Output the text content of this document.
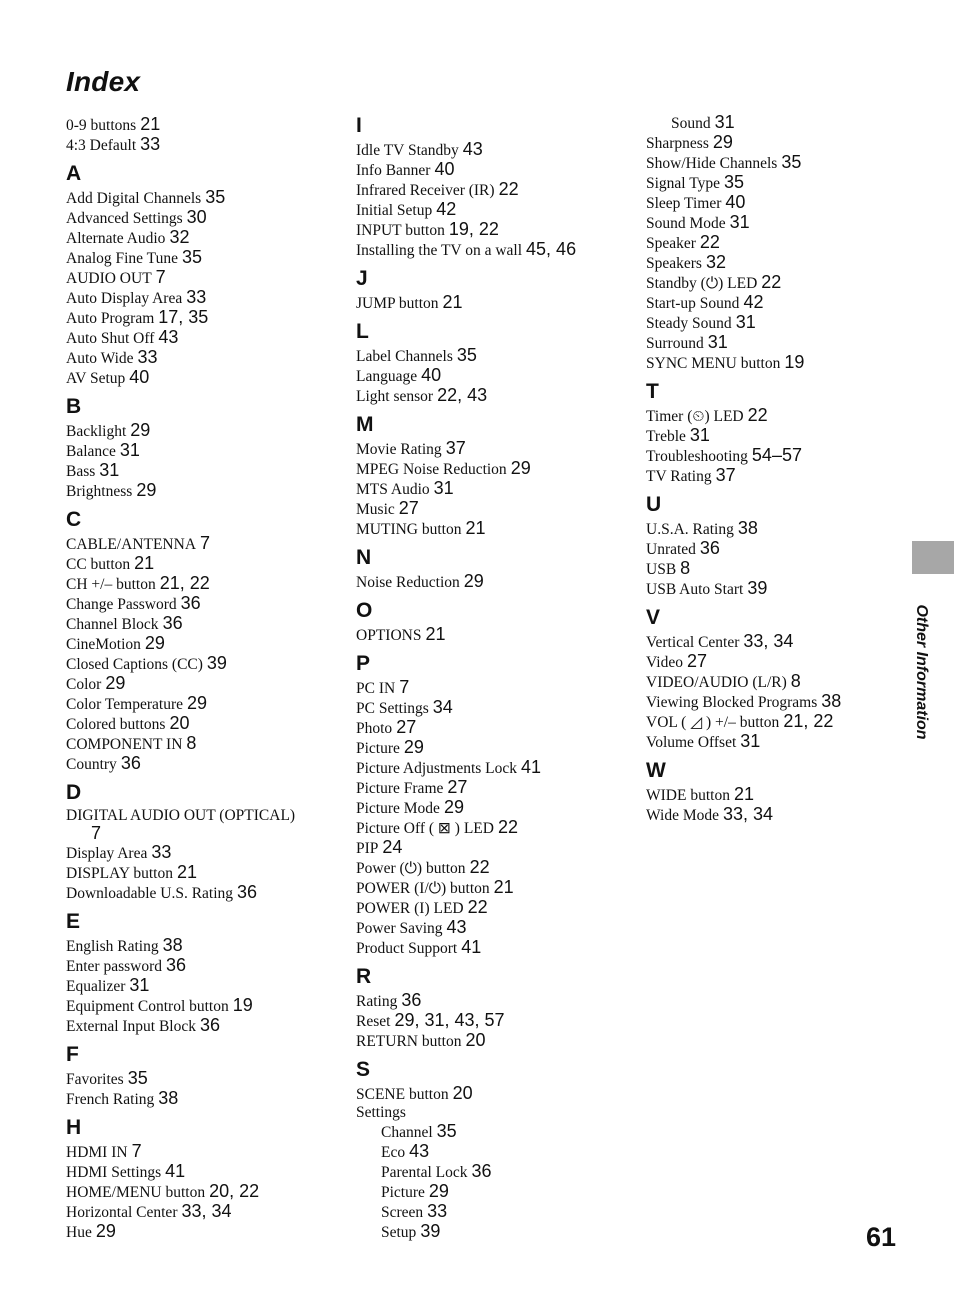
Index
0-9 buttons 21
4:3 Default 33
A
Add Digital Channels 35
Advanced Settings 30
Alternate Audio 32
Analog Fine Tune 35
AUDIO OUT 7
Auto Display Area 33
Auto Program 17, 35
Auto Shut Off 43
Auto Wide 33
AV Setup 40
B
Backlight 29
Balance 31
Bass 31
Brightness 29
C
CABLE/ANTENNA 7
CC button 21
CH +/– button 21, 22
Change Password 36
Channel Block 36
CineMotion 29
Closed Captions (CC) 39
Color 29
Color Temperature 29
Colored buttons 20
COMPONENT IN 8
Country 36
D
DIGITAL AUDIO OUT (OPTICAL)
7
Display Area 33
DISPLAY button 21
Downloadable U.S. Rating 36
E
English Rating 38
Enter password 36
Equalizer 31
Equipment Control button 19
External Input Block 36
F
Favorites 35
French Rating 38
H
HDMI IN 7
HDMI Settings 41
HOME/MENU button 20, 22
Horizontal Center 33, 34
Hue 29
I
Idle TV Standby 43
Info Banner 40
Infrared Receiver (IR) 22
Initial Setup 42
INPUT button 19, 22
Installing the TV on a wall 45, 46
J
JUMP button 21
L
Label Channels 35
Language 40
Light sensor 22, 43
M
Movie Rating 37
MPEG Noise Reduction 29
MTS Audio 31
Music 27
MUTING button 21
N
Noise Reduction 29
O
OPTIONS 21
P
PC IN 7
PC Settings 34
Photo 27
Picture 29
Picture Adjustments Lock 41
Picture Frame 27
Picture Mode 29
Picture Off ( ⊠ ) LED 22
PIP 24
Power (⏻) button 22
POWER (I/⏻) button 21
POWER (I) LED 22
Power Saving 43
Product Support 41
R
Rating 36
Reset 29, 31, 43, 57
RETURN button 20
S
SCENE button 20
Settings
Channel 35
Eco 43
Parental Lock 36
Picture 29
Screen 33
Setup 39
Sound 31
Sharpness 29
Show/Hide Channels 35
Signal Type 35
Sleep Timer 40
Sound Mode 31
Speaker 22
Speakers 32
Standby (⏻) LED 22
Start-up Sound 42
Steady Sound 31
Surround 31
SYNC MENU button 19
T
Timer (⏲) LED 22
Treble 31
Troubleshooting 54–57
TV Rating 37
U
U.S.A. Rating 38
Unrated 36
USB 8
USB Auto Start 39
V
Vertical Center 33, 34
Video 27
VIDEO/AUDIO (L/R) 8
Viewing Blocked Programs 38
VOL ( ◿ ) +/– button 21, 22
Volume Offset 31
W
WIDE button 21
Wide Mode 33, 34
Other Information
61
